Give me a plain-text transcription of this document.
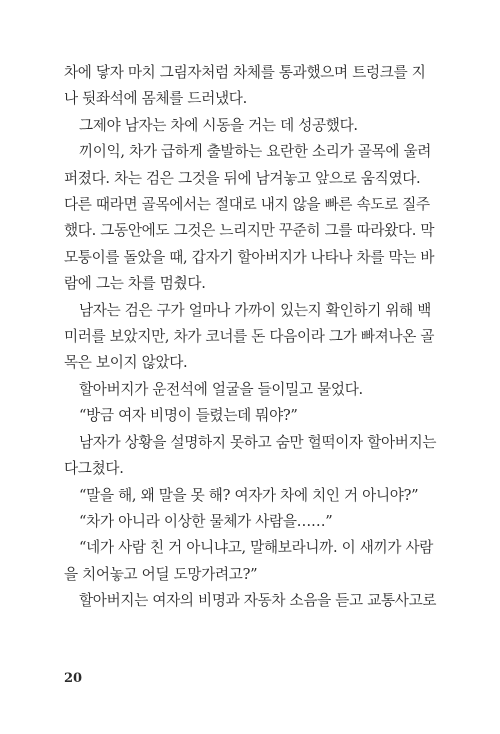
차에 닿자 마치 그림자처럼 차체를 통과했으며 트렁크를 지
나 뒷좌석에 몸체를 드러냈다.
그제야 남자는 차에 시동을 거는 데 성공했다.
끼이익, 차가 급하게 출발하는 요란한 소리가 골목에 울려
퍼졌다. 차는 검은 그것을 뒤에 남겨놓고 앞으로 움직였다.
다른 때라면 골목에서는 절대로 내지 않을 빠른 속도로 질주
했다. 그동안에도 그것은 느리지만 꾸준히 그를 따라왔다. 막
모퉁이를 돌았을 때, 갑자기 할아버지가 나타나 차를 막는 바
람에 그는 차를 멈췄다.
남자는 검은 구가 얼마나 가까이 있는지 확인하기 위해 백
미러를 보았지만, 차가 코너를 돈 다음이라 그가 빠져나온 골
목은 보이지 않았다.
할아버지가 운전석에 얼굴을 들이밀고 물었다.
“방금 여자 비명이 들렸는데 뭐야?”
남자가 상황을 설명하지 못하고 숨만 헐떡이자 할아버지는
다그쳤다.
“말을 해, 왜 말을 못 해? 여자가 차에 치인 거 아니야?”
“차가 아니라 이상한 물체가 사람을……”
“네가 사람 친 거 아니냐고, 말해보라니까. 이 새끼가 사람
을 치어놓고 어딜 도망가려고?”
할아버지는 여자의 비명과 자동차 소음을 듣고 교통사고로
20
